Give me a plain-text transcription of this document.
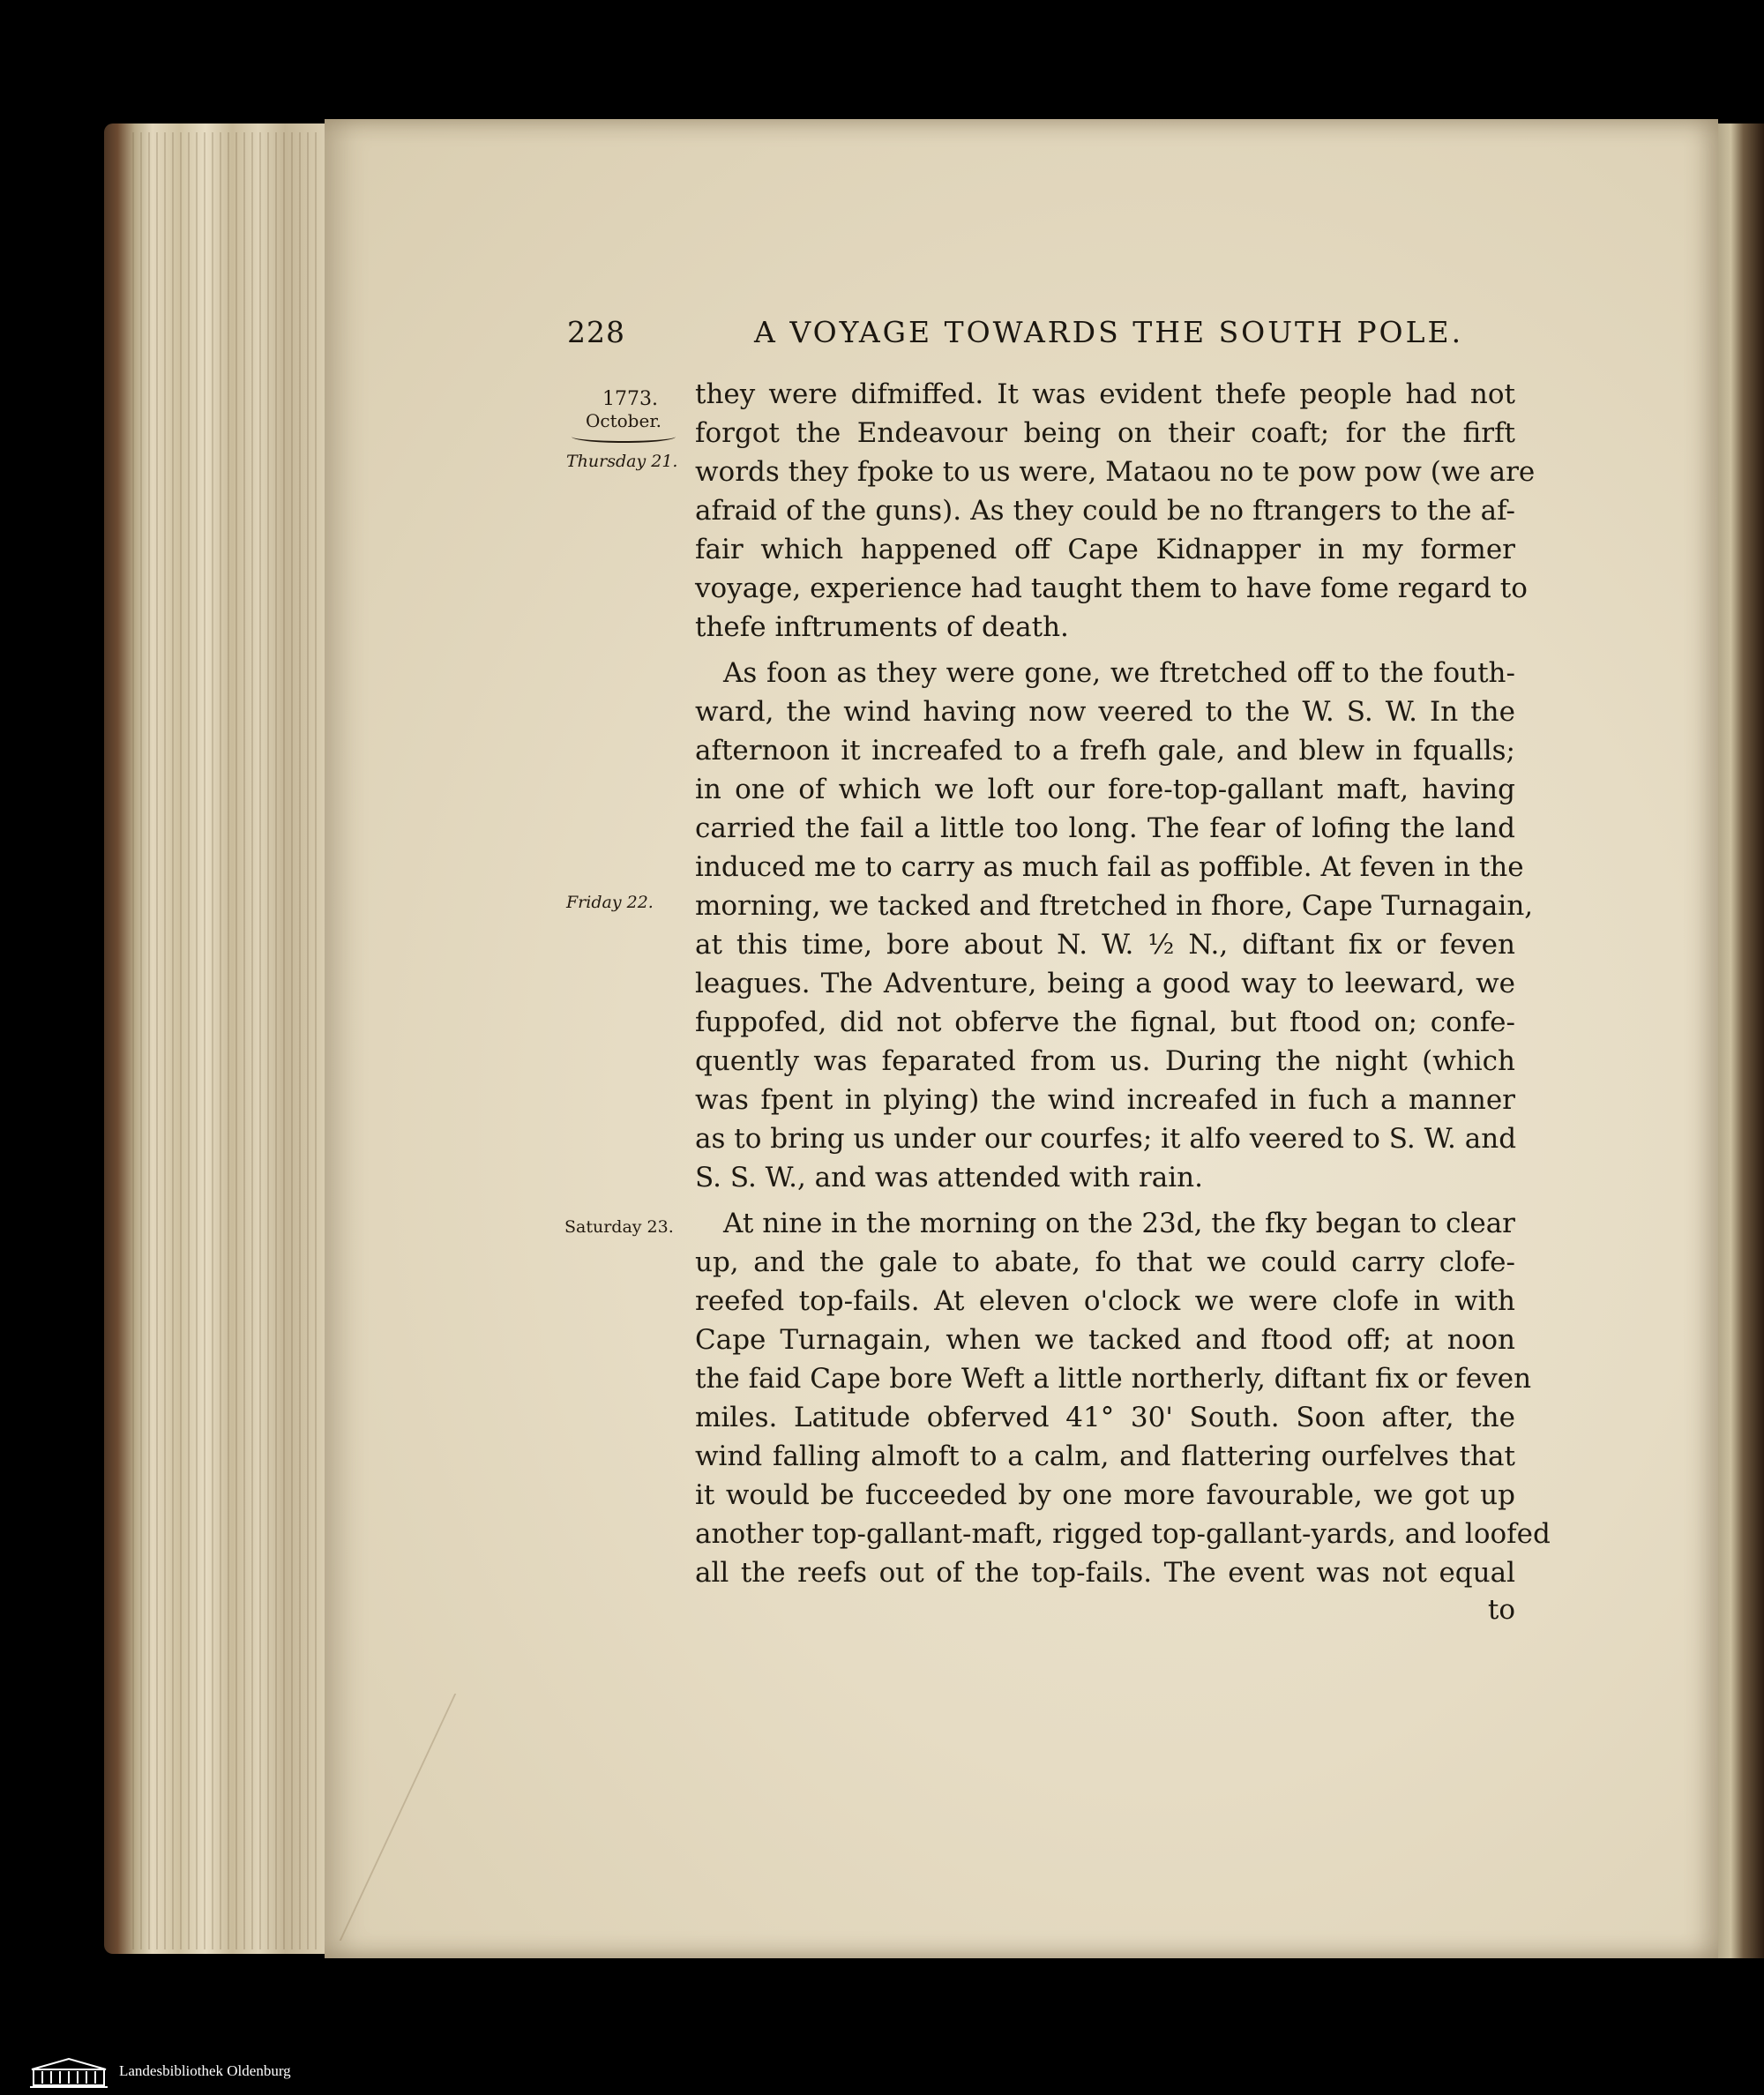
228	A VOYAGE TOWARDS THE SOUTH POLE.
1773.
October.
Thursday 21.
Friday 22.
Saturday 23.
they were difmiffed. It was evident thefe people had not
forgot the Endeavour being on their coaft; for the firft
words they fpoke to us were, Mataou no te pow pow (we are
afraid of the guns). As they could be no ftrangers to the af-
fair which happened off Cape Kidnapper in my former
voyage, experience had taught them to have fome regard to
thefe inftruments of death.
As foon as they were gone, we ftretched off to the fouth-
ward, the wind having now veered to the W. S. W. In the
afternoon it increafed to a frefh gale, and blew in fqualls;
in one of which we loft our fore-top-gallant maft, having
carried the fail a little too long. The fear of lofing the land
induced me to carry as much fail as poffible. At feven in the
morning, we tacked and ftretched in fhore, Cape Turnagain,
at this time, bore about N. W. ½ N., diftant fix or feven
leagues. The Adventure, being a good way to leeward, we
fuppofed, did not obferve the fignal, but ftood on; confe-
quently was feparated from us. During the night (which
was fpent in plying) the wind increafed in fuch a manner
as to bring us under our courfes; it alfo veered to S. W. and
S. S. W., and was attended with rain.
At nine in the morning on the 23d, the fky began to clear
up, and the gale to abate, fo that we could carry clofe-
reefed top-fails. At eleven o'clock we were clofe in with
Cape Turnagain, when we tacked and ftood off; at noon
the faid Cape bore Weft a little northerly, diftant fix or feven
miles. Latitude obferved 41° 30' South. Soon after, the
wind falling almoft to a calm, and flattering ourfelves that
it would be fucceeded by one more favourable, we got up
another top-gallant-maft, rigged top-gallant-yards, and loofed
all the reefs out of the top-fails. The event was not equal
to
Landesbibliothek Oldenburg
